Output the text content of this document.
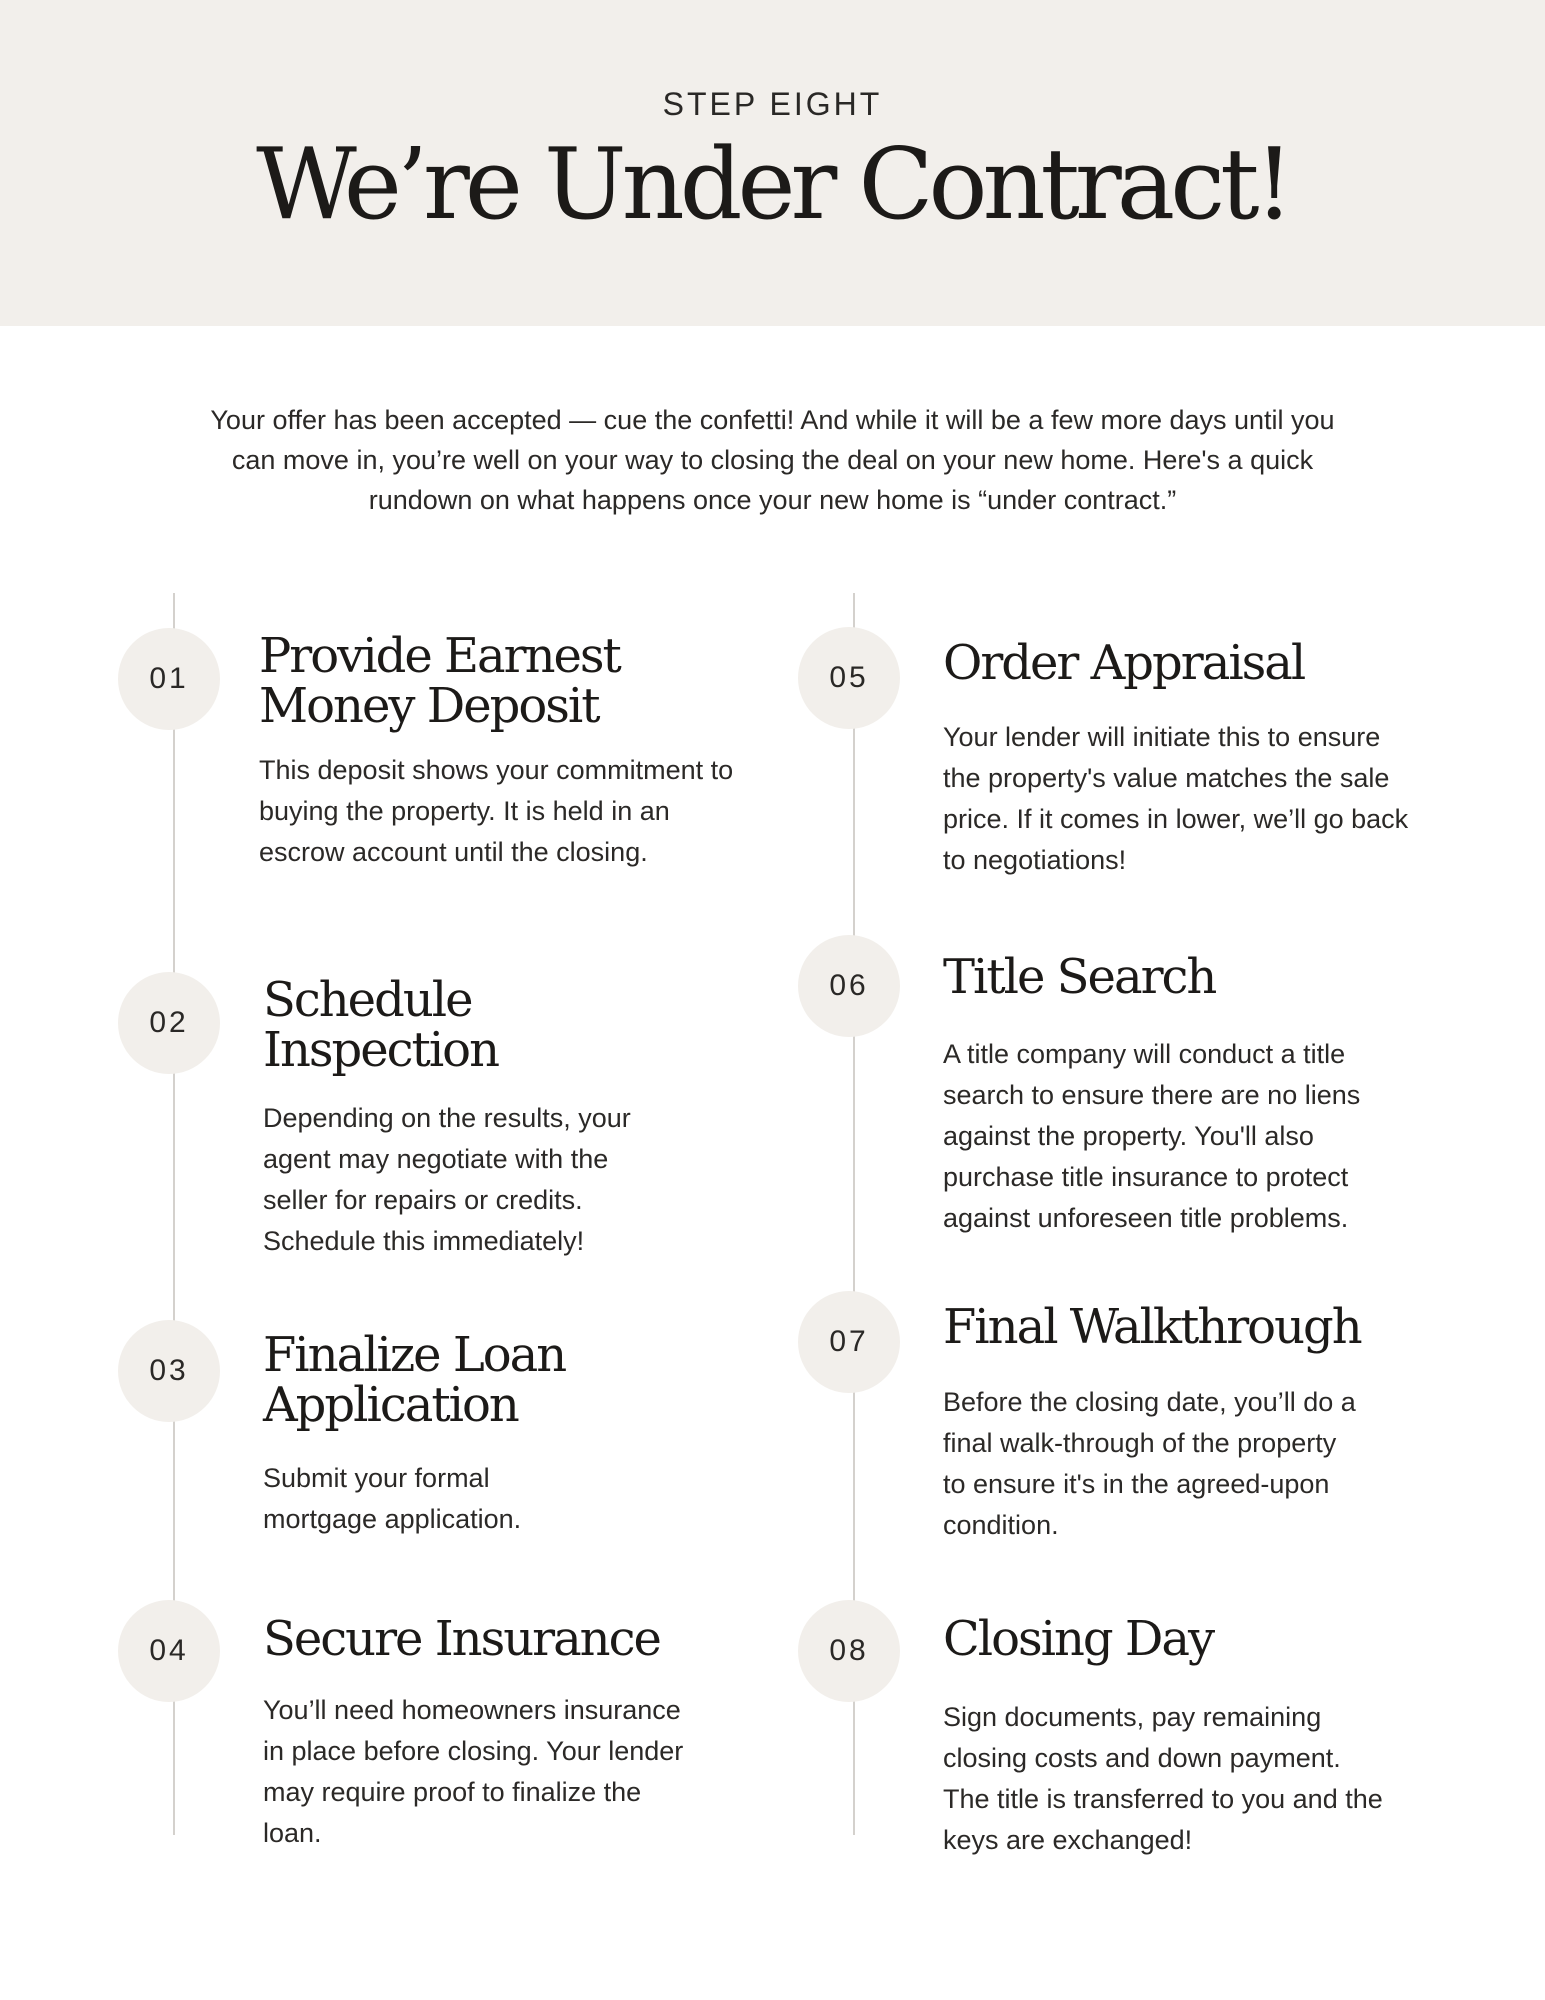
STEP EIGHT
We’re Under Contract!
Your offer has been accepted — cue the confetti! And while it will be a few more days until you can move in, you’re well on your way to closing the deal on your new home. Here's a quick rundown on what happens once your new home is “under contract.”
01	Provide Earnest Money Deposit
This deposit shows your commitment to buying the property. It is held in an escrow account until the closing.
02	Schedule Inspection
Depending on the results, your agent may negotiate with the seller for repairs or credits. Schedule this immediately!
03	Finalize Loan Application
Submit your formal mortgage application.
04	Secure Insurance
You’ll need homeowners insurance in place before closing. Your lender may require proof to finalize the loan.
05	Order Appraisal
Your lender will initiate this to ensure the property's value matches the sale price. If it comes in lower, we’ll go back to negotiations!
06	Title Search
A title company will conduct a title search to ensure there are no liens against the property. You'll also purchase title insurance to protect against unforeseen title problems.
07	Final Walkthrough
Before the closing date, you’ll do a final walk-through of the property to ensure it's in the agreed-upon condition.
08	Closing Day
Sign documents, pay remaining closing costs and down payment. The title is transferred to you and the keys are exchanged!
